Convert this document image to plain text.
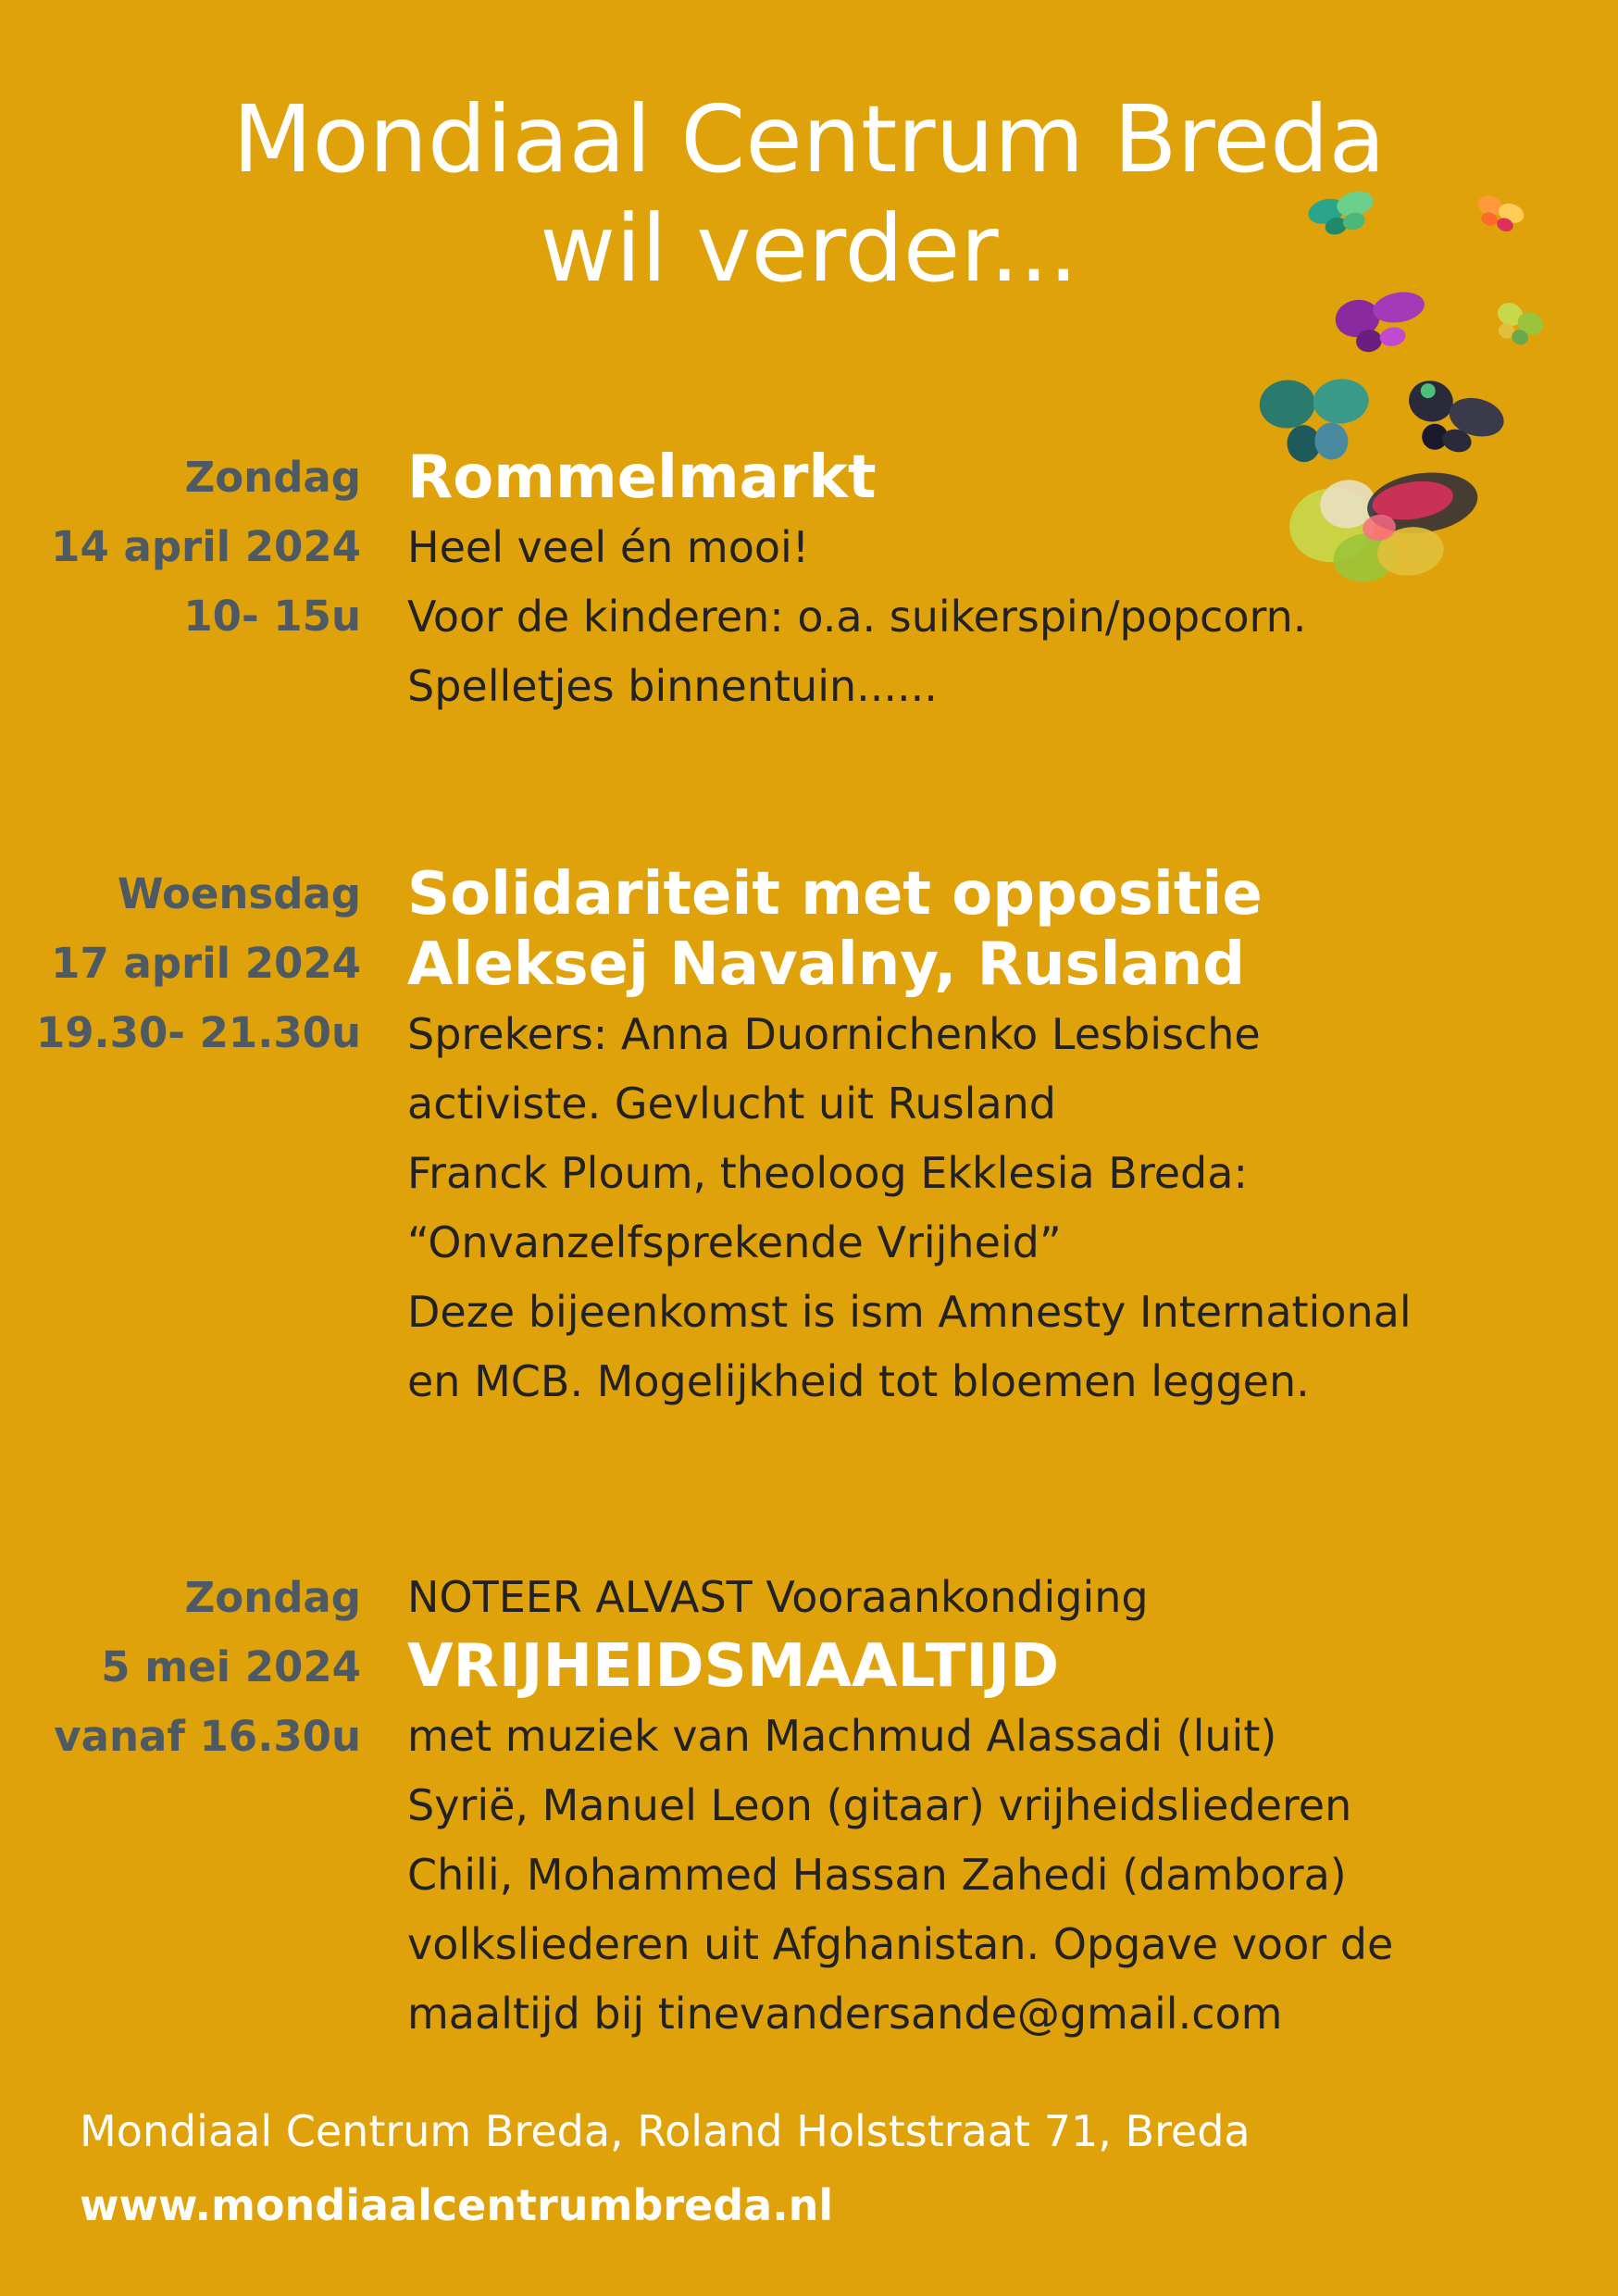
Mondiaal Centrum Breda
wil verder...
Zondag
14 april 2024
10- 15u
Rommelmarkt
Heel veel én mooi!
Voor de kinderen: o.a. suikerspin/popcorn.
Spelletjes binnentuin......
Woensdag
17 april 2024
19.30- 21.30u
Solidariteit met oppositie
Aleksej Navalny, Rusland
Sprekers: Anna Duornichenko Lesbische
activiste. Gevlucht uit Rusland
Franck Ploum, theoloog Ekklesia Breda:
“Onvanzelfsprekende Vrijheid”
Deze bijeenkomst is ism Amnesty International
en MCB. Mogelijkheid tot bloemen leggen.
Zondag
5 mei 2024
vanaf 16.30u
NOTEER ALVAST Vooraankondiging
VRIJHEIDSMAALTIJD
met muziek van Machmud Alassadi (luit)
Syrië, Manuel Leon (gitaar) vrijheidsliederen
Chili, Mohammed Hassan Zahedi (dambora)
volksliederen uit Afghanistan. Opgave voor de
maaltijd bij tinevandersande@gmail.com
Mondiaal Centrum Breda, Roland Holststraat 71, Breda
www.mondiaalcentrumbreda.nl
